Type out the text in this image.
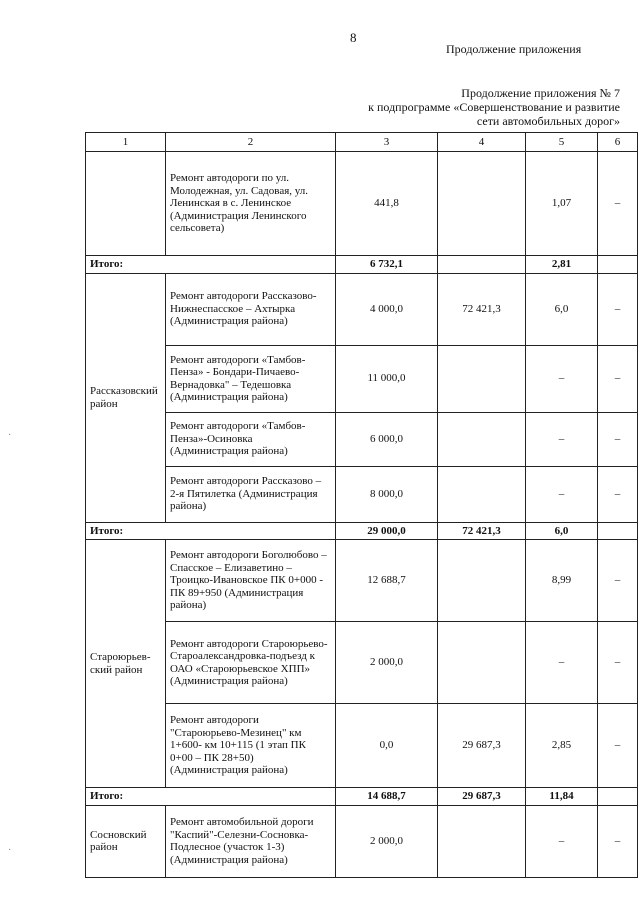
8
Продолжение приложения
Продолжение приложения № 7
к подпрограмме «Совершенствование и развитие
сети автомобильных дорог»
1	2	3	4	5	6
	Ремонт автодороги по ул. Молодежная, ул. Садовая, ул. Ленинская в с. Ленинское (Администрация Ленинского сельсовета)	441,8		1,07	–
Итого:		6 732,1		2,81	
Рассказовский район	Ремонт автодороги Рассказово-Нижнеспасское – Ахтырка (Администрация района)	4 000,0	72 421,3	6,0	–
	Ремонт автодороги «Тамбов-Пенза» - Бондари-Пичаево-Вернадовка" – Тедешовка (Администрация района)	11 000,0		–	–
	Ремонт автодороги «Тамбов-Пенза»-Осиновка (Администрация района)	6 000,0		–	–
	Ремонт автодороги Рассказово – 2-я Пятилетка (Администрация района)	8 000,0		–	–
Итого:		29 000,0	72 421,3	6,0	
Староюрьев-ский район	Ремонт автодороги Боголюбово – Спасское – Елизаветино – Троицко-Ивановское ПК 0+000 - ПК 89+950 (Администрация района)	12 688,7		8,99	–
	Ремонт автодороги Староюрьево-Староалександровка-подъезд к ОАО «Староюрьевское ХПП» (Администрация района)	2 000,0		–	–
	Ремонт автодороги "Староюрьево-Мезинец" км 1+600- км 10+115 (1 этап ПК 0+00 – ПК 28+50) (Администрация района)	0,0	29 687,3	2,85	–
Итого:		14 688,7	29 687,3	11,84	
Сосновский район	Ремонт автомобильной дороги "Каспий"-Селезни-Сосновка-Подлесное (участок 1-3) (Администрация района)	2 000,0		–	–
·
·
